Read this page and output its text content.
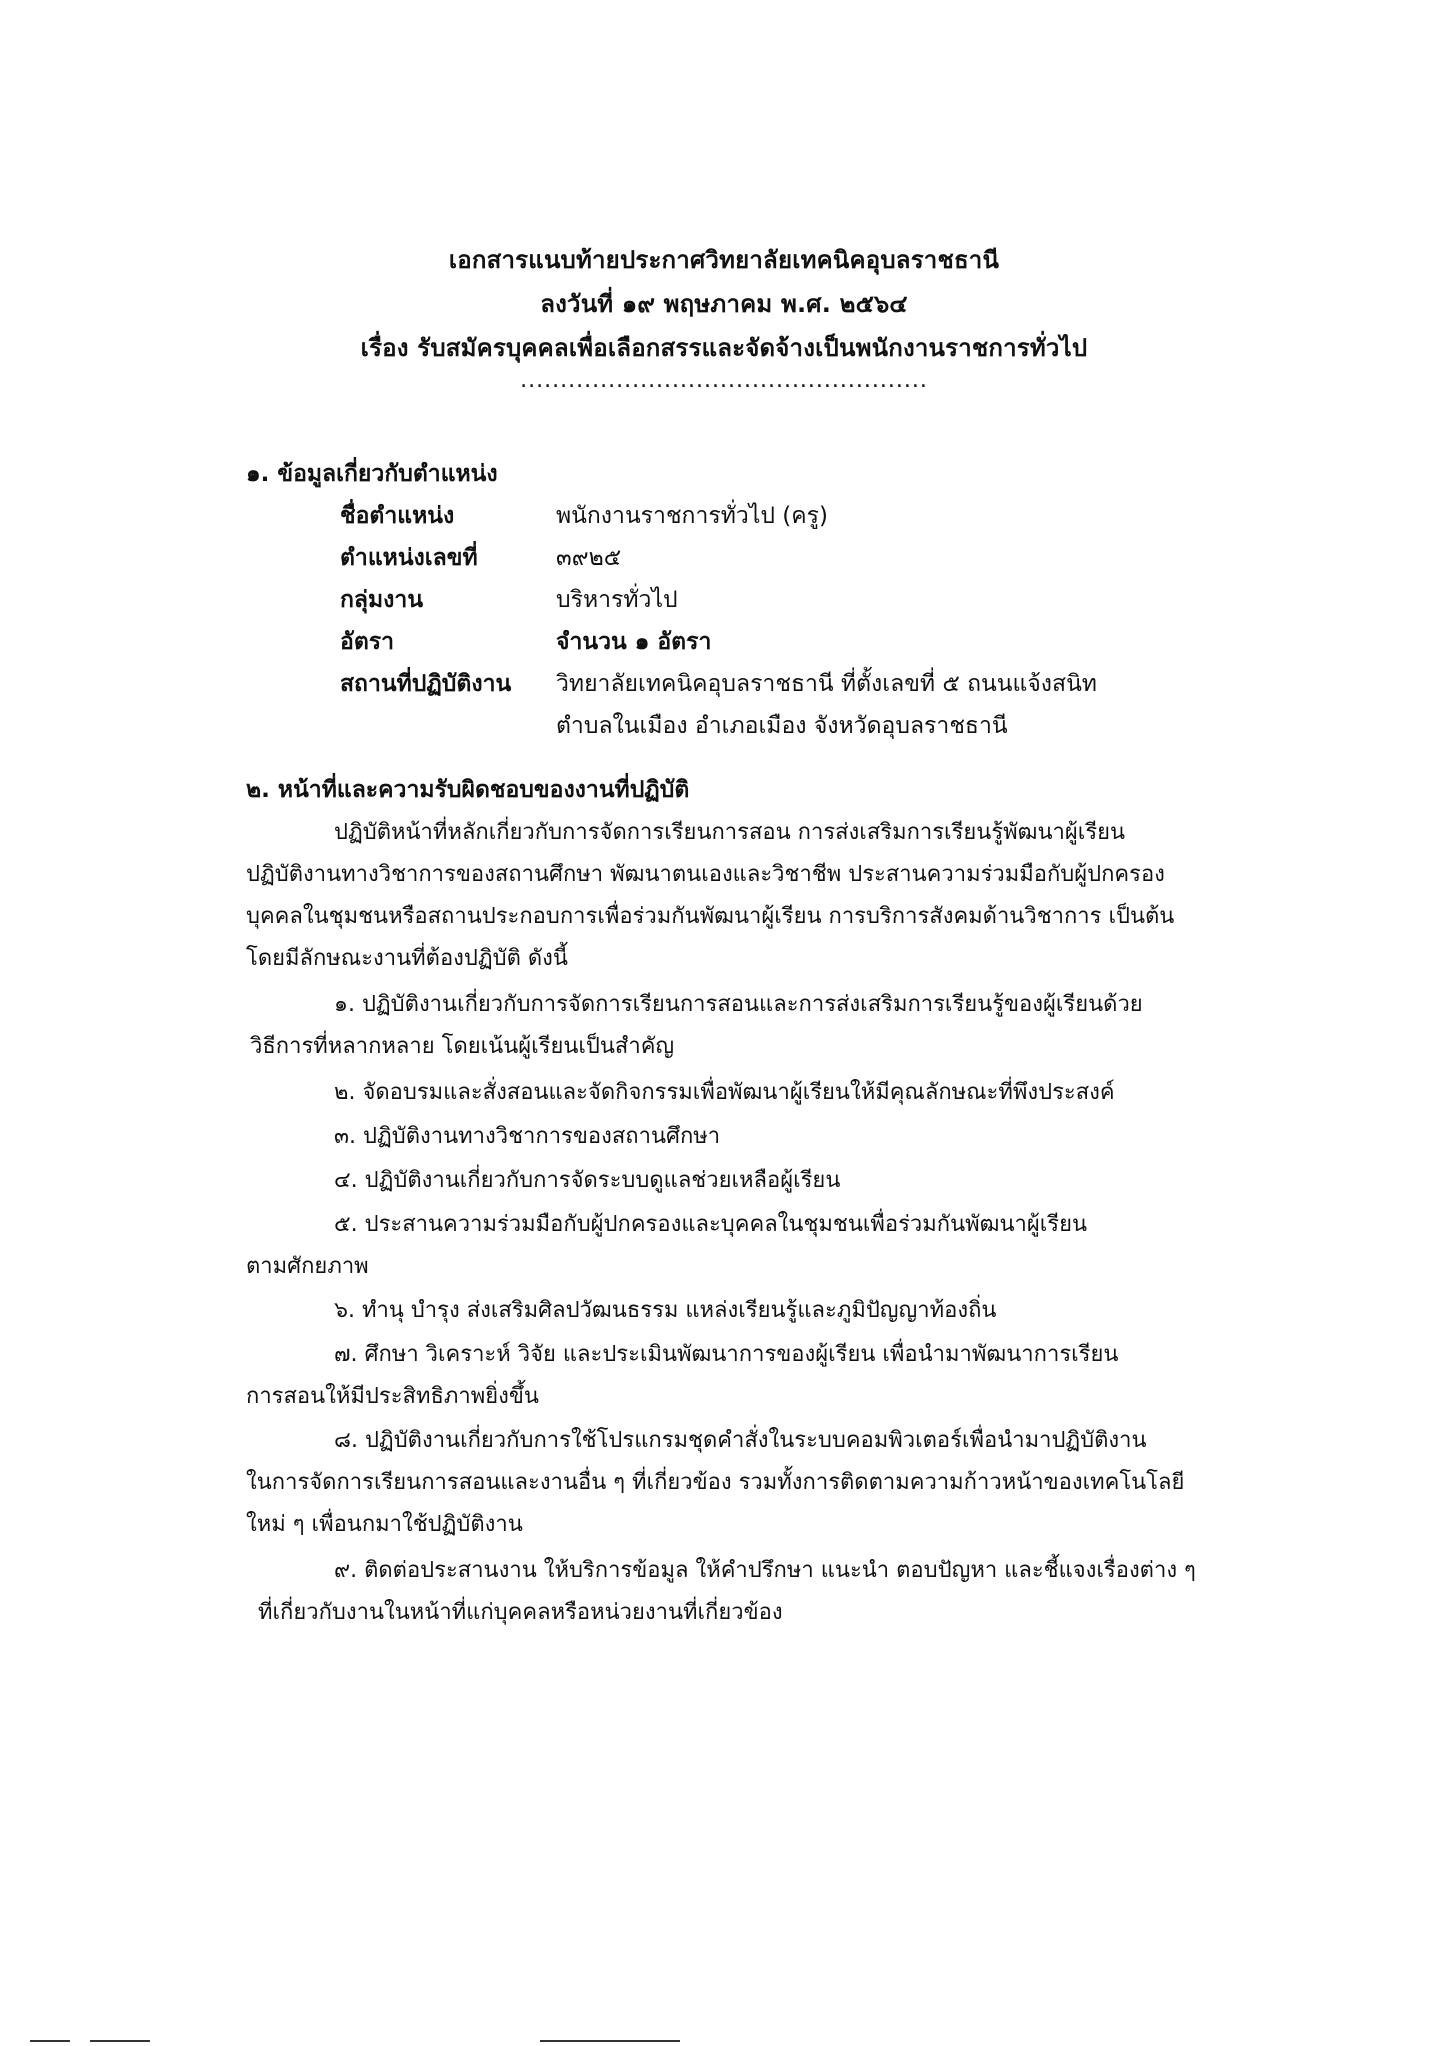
เอกสารแนบท้ายประกาศวิทยาลัยเทคนิคอุบลราชธานี
ลงวันที่ ๑๙ พฤษภาคม พ.ศ. ๒๕๖๔
เรื่อง รับสมัครบุคคลเพื่อเลือกสรรและจัดจ้างเป็นพนักงานราชการทั่วไป
...................................................
๑. ข้อมูลเกี่ยวกับตำแหน่ง
ชื่อตำแหน่ง	พนักงานราชการทั่วไป (ครู)
ตำแหน่งเลขที่	๓๙๒๕
กลุ่มงาน	บริหารทั่วไป
อัตรา	จำนวน ๑ อัตรา
สถานที่ปฏิบัติงาน วิทยาลัยเทคนิคอุบลราชธานี ที่ตั้งเลขที่ ๕ ถนนแจ้งสนิท
ตำบลในเมือง อำเภอเมือง จังหวัดอุบลราชธานี
๒. หน้าที่และความรับผิดชอบของงานที่ปฏิบัติ
ปฏิบัติหน้าที่หลักเกี่ยวกับการจัดการเรียนการสอน การส่งเสริมการเรียนรู้พัฒนาผู้เรียน
ปฏิบัติงานทางวิชาการของสถานศึกษา พัฒนาตนเองและวิชาชีพ ประสานความร่วมมือกับผู้ปกครอง
บุคคลในชุมชนหรือสถานประกอบการเพื่อร่วมกันพัฒนาผู้เรียน การบริการสังคมด้านวิชาการ เป็นต้น
โดยมีลักษณะงานที่ต้องปฏิบัติ ดังนี้
๑. ปฏิบัติงานเกี่ยวกับการจัดการเรียนการสอนและการส่งเสริมการเรียนรู้ของผู้เรียนด้วย
วิธีการที่หลากหลาย โดยเน้นผู้เรียนเป็นสำคัญ
๒. จัดอบรมและสั่งสอนและจัดกิจกรรมเพื่อพัฒนาผู้เรียนให้มีคุณลักษณะที่พึงประสงค์
๓. ปฏิบัติงานทางวิชาการของสถานศึกษา
๔. ปฏิบัติงานเกี่ยวกับการจัดระบบดูแลช่วยเหลือผู้เรียน
๕. ประสานความร่วมมือกับผู้ปกครองและบุคคลในชุมชนเพื่อร่วมกันพัฒนาผู้เรียน
ตามศักยภาพ
๖. ทำนุ บำรุง ส่งเสริมศิลปวัฒนธรรม แหล่งเรียนรู้และภูมิปัญญาท้องถิ่น
๗. ศึกษา วิเคราะห์ วิจัย และประเมินพัฒนาการของผู้เรียน เพื่อนำมาพัฒนาการเรียน
การสอนให้มีประสิทธิภาพยิ่งขึ้น
๘. ปฏิบัติงานเกี่ยวกับการใช้โปรแกรมชุดคำสั่งในระบบคอมพิวเตอร์เพื่อนำมาปฏิบัติงาน
ในการจัดการเรียนการสอนและงานอื่น ๆ ที่เกี่ยวข้อง รวมทั้งการติดตามความก้าวหน้าของเทคโนโลยี
ใหม่ ๆ เพื่อนกมาใช้ปฏิบัติงาน
๙. ติดต่อประสานงาน ให้บริการข้อมูล ให้คำปรึกษา แนะนำ ตอบปัญหา และชี้แจงเรื่องต่าง ๆ
ที่เกี่ยวกับงานในหน้าที่แก่บุคคลหรือหน่วยงานที่เกี่ยวข้อง
